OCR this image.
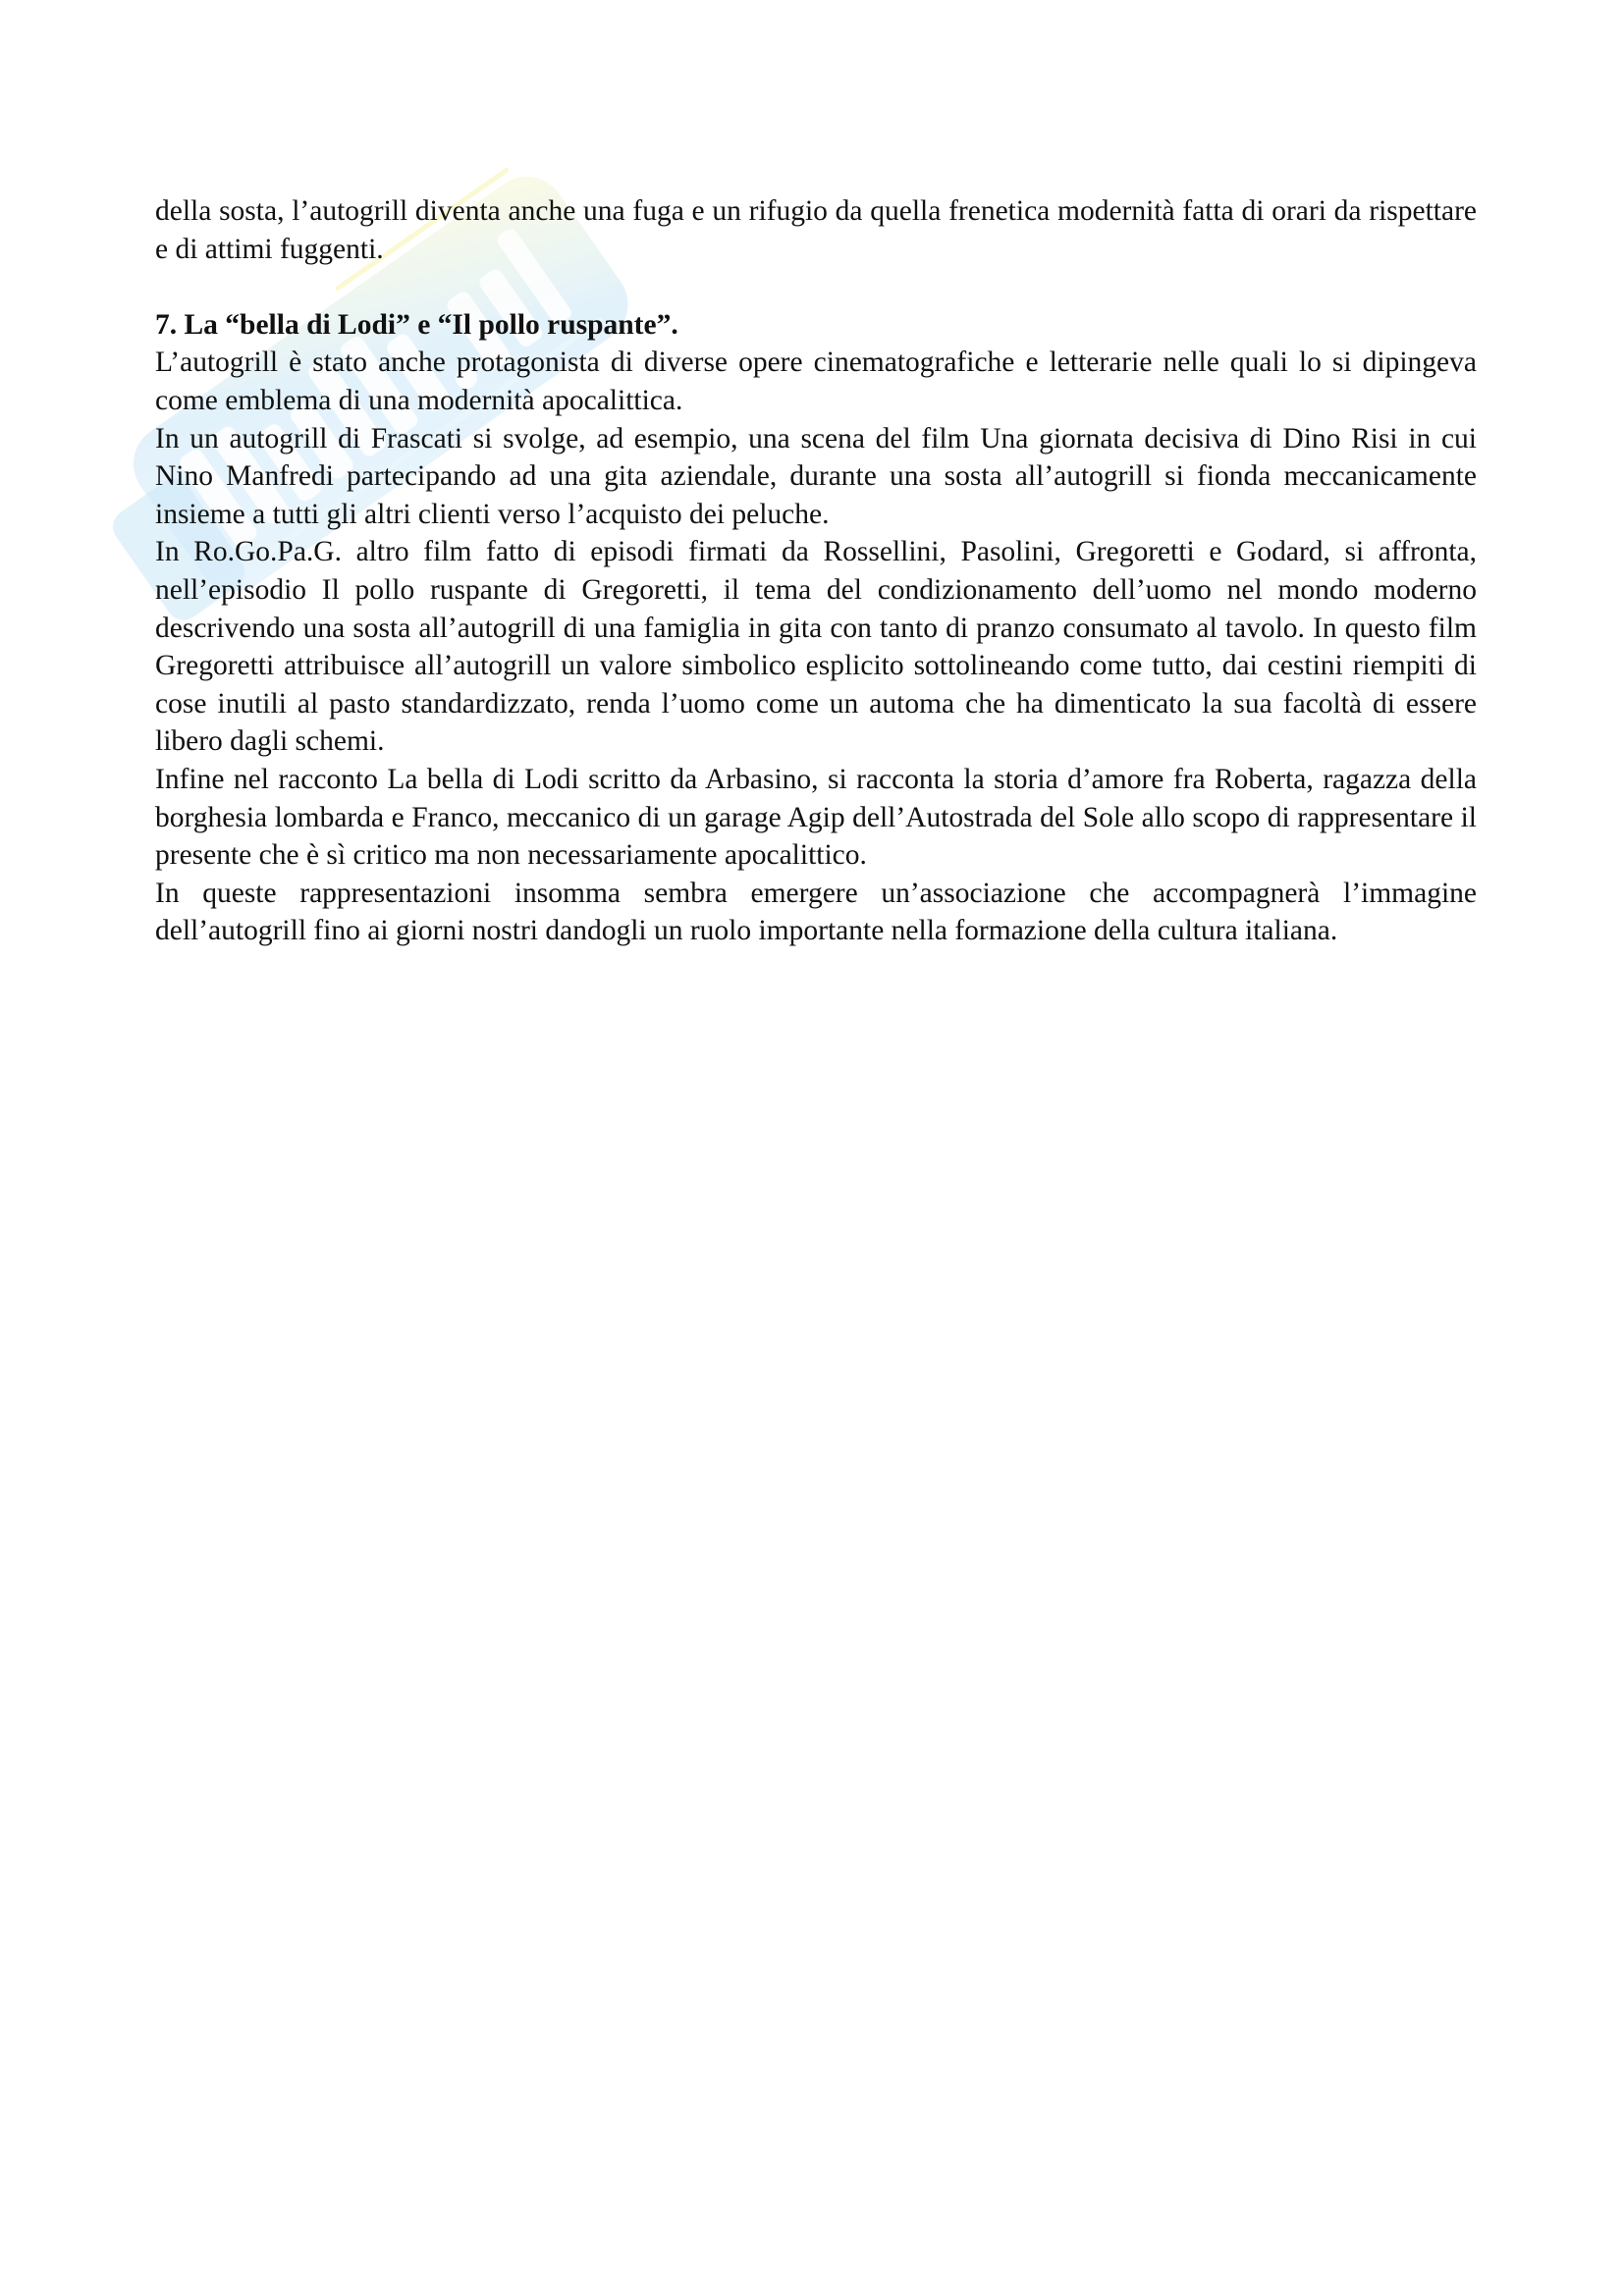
della sosta, l’autogrill diventa anche una fuga e un rifugio da quella frenetica modernità fatta di orari da rispettare e di attimi fuggenti.

7. La “bella di Lodi” e “Il pollo ruspante”.

L’autogrill è stato anche protagonista di diverse opere cinematografiche e letterarie nelle quali lo si dipingeva come emblema di una modernità apocalittica.

In un autogrill di Frascati si svolge, ad esempio, una scena del film Una giornata decisiva di Dino Risi in cui Nino Manfredi partecipando ad una gita aziendale, durante una sosta all’autogrill si fionda meccanicamente insieme a tutti gli altri clienti verso l’acquisto dei peluche.

In Ro.Go.Pa.G. altro film fatto di episodi firmati da Rossellini, Pasolini, Gregoretti e Godard, si affronta, nell’episodio Il pollo ruspante di Gregoretti, il tema del condizionamento dell’uomo nel mondo moderno descrivendo una sosta all’autogrill di una famiglia in gita con tanto di pranzo consumato al tavolo. In questo film Gregoretti attribuisce all’autogrill un valore simbolico esplicito sottolineando come tutto, dai cestini riempiti di cose inutili al pasto standardizzato, renda l’uomo come un automa che ha dimenticato la sua facoltà di essere libero dagli schemi.

Infine nel racconto La bella di Lodi scritto da Arbasino, si racconta la storia d’amore fra Roberta, ragazza della borghesia lombarda e Franco, meccanico di un garage Agip dell’Autostrada del Sole allo scopo di rappresentare il presente che è sì critico ma non necessariamente apocalittico.

In queste rappresentazioni insomma sembra emergere un’associazione che accompagnerà l’immagine dell’autogrill fino ai giorni nostri dandogli un ruolo importante nella formazione della cultura italiana.
